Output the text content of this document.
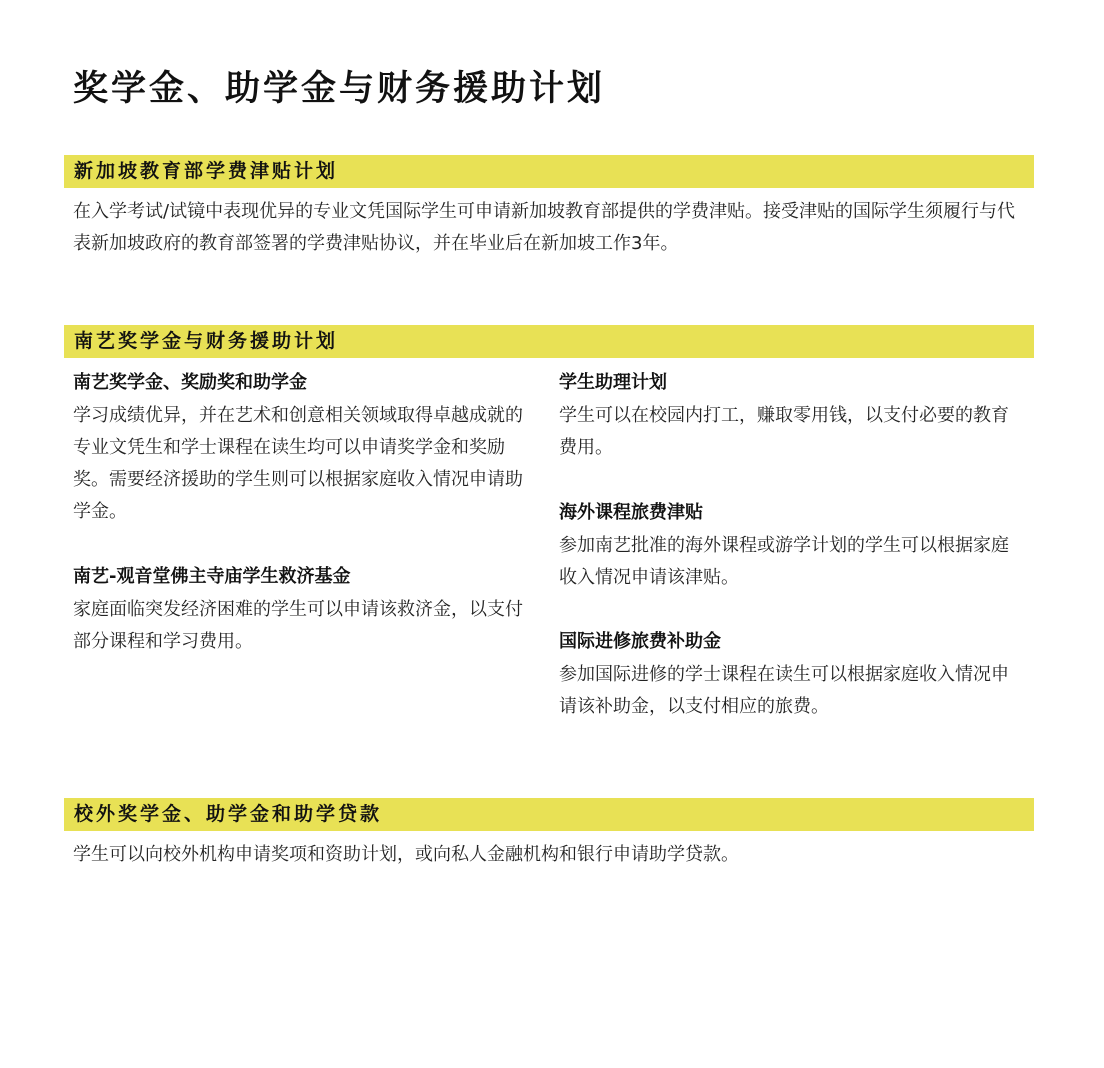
奖学金、助学金与财务援助计划
新加坡教育部学费津贴计划

在入学考试/试镜中表现优异的专业文凭国际学生可申请新加坡教育部提供的学费津贴。接受津贴的国际学生须履行与代表新加坡政府的教育部签署的学费津贴协议，并在毕业后在新加坡工作3年。

南艺奖学金与财务援助计划
南艺奖学金、奖励奖和助学金

学习成绩优异，并在艺术和创意相关领域取得卓越成就的专业文凭生和学士课程在读生均可以申请奖学金和奖励奖。需要经济援助的学生则可以根据家庭收入情况申请助学金。

南艺-观音堂佛主寺庙学生救济基金

家庭面临突发经济困难的学生可以申请该救济金，以支付部分课程和学习费用。

学生助理计划

学生可以在校园内打工，赚取零用钱，以支付必要的教育费用。

海外课程旅费津贴

参加南艺批准的海外课程或游学计划的学生可以根据家庭收入情况申请该津贴。

国际进修旅费补助金

参加国际进修的学士课程在读生可以根据家庭收入情况申请该补助金，以支付相应的旅费。

校外奖学金、助学金和助学贷款

学生可以向校外机构申请奖项和资助计划，或向私人金融机构和银行申请助学贷款。
